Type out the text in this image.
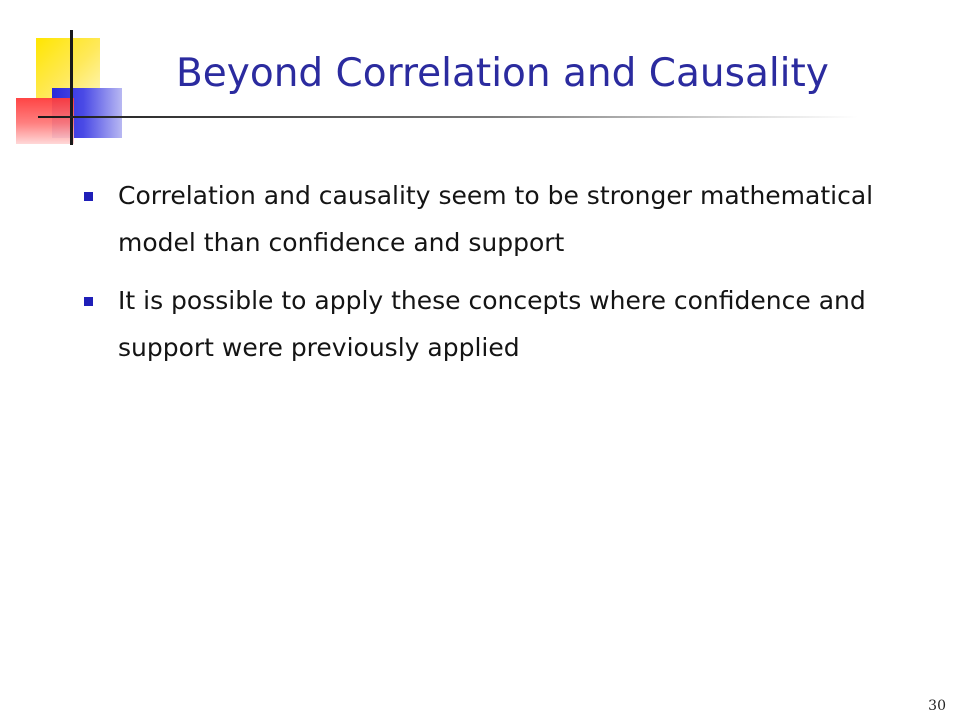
Beyond Correlation and Causality
Correlation and causality seem to be stronger mathematical model than confidence and support
It is possible to apply these concepts where confidence and support were previously applied
30
